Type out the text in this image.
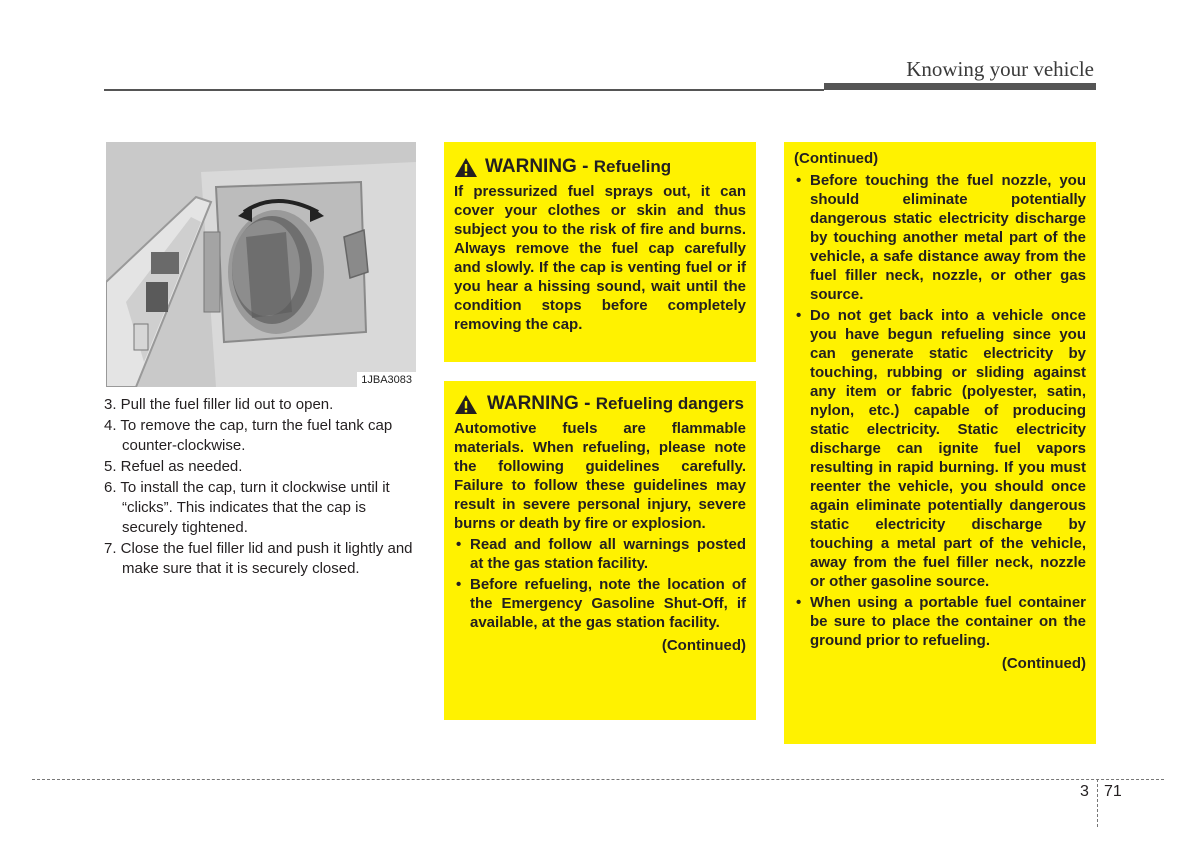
Knowing your vehicle
1JBA3083
3. Pull the fuel filler lid out to open.
4. To remove the cap, turn the fuel tank cap counter-clockwise.
5. Refuel as needed.
6. To install the cap, turn it clockwise until it “clicks”. This indicates that the cap is securely tightened.
7. Close the fuel filler lid and push it lightly and make sure that it is securely closed.
WARNING - Refueling
If pressurized fuel sprays out, it can cover your clothes or skin and thus subject you to the risk of fire and burns. Always remove the fuel cap carefully and slowly. If the cap is venting fuel or if you hear a hissing sound, wait until the condition stops before completely removing the cap.
WARNING - Refueling dangers
Automotive fuels are flammable materials. When refueling, please note the following guidelines carefully. Failure to follow these guidelines may result in severe personal injury, severe burns or death by fire or explosion.
• Read and follow all warnings posted at the gas station facility.
• Before refueling, note the location of the Emergency Gasoline Shut-Off, if available, at the gas station facility.
(Continued)
(Continued)
• Before touching the fuel nozzle, you should eliminate potentially dangerous static electricity discharge by touching another metal part of the vehicle, a safe distance away from the fuel filler neck, nozzle, or other gas source.
• Do not get back into a vehicle once you have begun refueling since you can generate static electricity by touching, rubbing or sliding against any item or fabric (polyester, satin, nylon, etc.) capable of producing static electricity. Static electricity discharge can ignite fuel vapors resulting in rapid burning. If you must reenter the vehicle, you should once again eliminate potentially dangerous static electricity discharge by touching a metal part of the vehicle, away from the fuel filler neck, nozzle or other gasoline source.
• When using a portable fuel container be sure to place the container on the ground prior to refueling.
(Continued)
3 71
